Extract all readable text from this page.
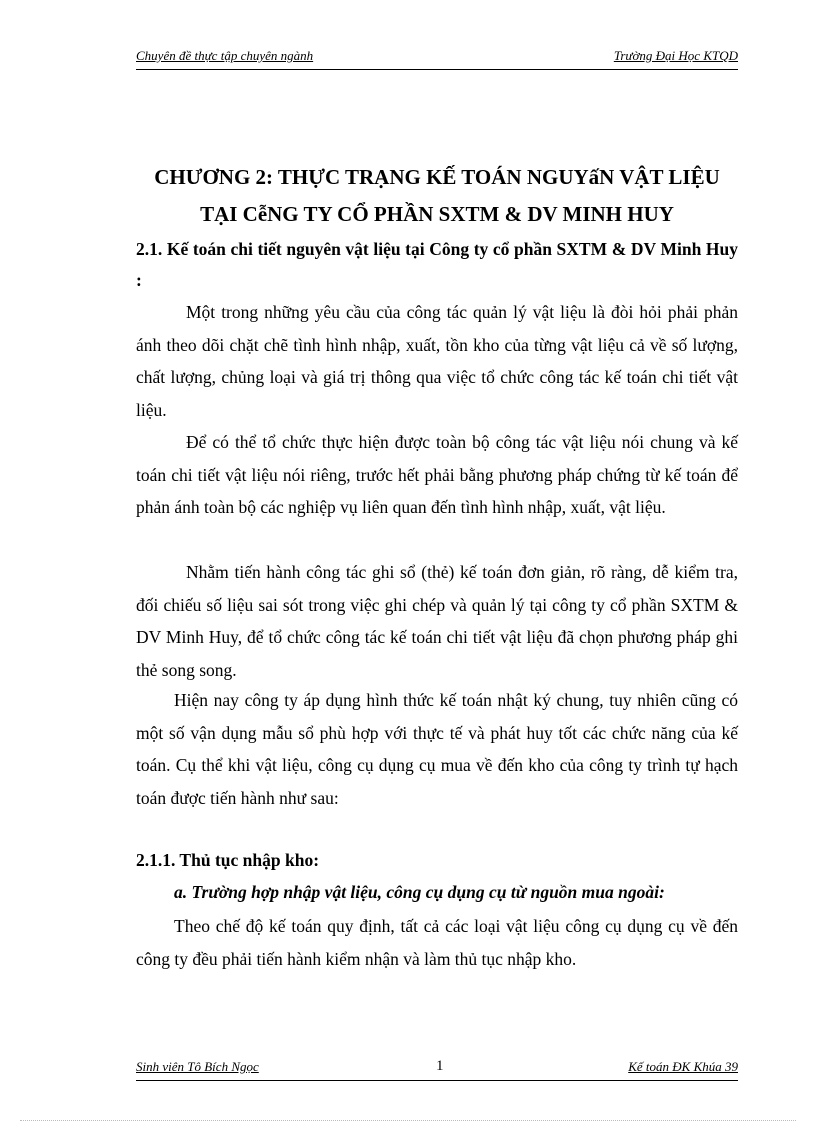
Chuyên đề thực tập chuyên ngành	Trường Đại Học KTQD
CHƯƠNG 2: THỰC TRẠNG KẾ TOÁN NGUYấN VẬT LIỆU
TẠI CễNG TY CỔ PHẦN SXTM & DV MINH HUY
2.1. Kế toán chi tiết nguyên vật liệu tại Công ty cổ phần SXTM & DV Minh Huy :
Một trong những yêu cầu của công tác quản lý vật liệu là đòi hỏi phải phản ánh theo dõi chặt chẽ tình hình nhập, xuất, tồn kho của từng vật liệu cả về số lượng, chất lượng, chủng loại và giá trị thông qua việc tổ chức công tác kế toán chi tiết vật liệu.
Để có thể tổ chức thực hiện được toàn bộ công tác vật liệu nói chung và kế toán chi tiết vật liệu nói riêng, trước hết phải bằng phương pháp chứng từ kế toán để phản ánh toàn bộ các nghiệp vụ liên quan đến tình hình nhập, xuất, vật liệu.
Nhằm tiến hành công tác ghi sổ (thẻ) kế toán đơn giản, rõ ràng, dễ kiểm tra, đối chiếu số liệu sai sót trong việc ghi chép và quản lý tại công ty cổ phần SXTM & DV Minh Huy, để tổ chức công tác kế toán chi tiết vật liệu đã chọn phương pháp ghi thẻ song song.
Hiện nay công ty áp dụng hình thức kế toán nhật ký chung, tuy nhiên cũng có một số vận dụng mẫu sổ phù hợp với thực tế và phát huy tốt các chức năng của kế toán. Cụ thể khi vật liệu, công cụ dụng cụ mua về đến kho của công ty trình tự hạch toán được tiến hành như sau:
2.1.1. Thủ tục nhập kho:
a. Trường hợp nhập vật liệu, công cụ dụng cụ từ nguồn mua ngoài:
Theo chế độ kế toán quy định, tất cả các loại vật liệu công cụ dụng cụ về đến công ty đều phải tiến hành kiểm nhận và làm thủ tục nhập kho.
Sinh viên Tô Bích Ngọc	1	Kế toán ĐK Khúa 39
